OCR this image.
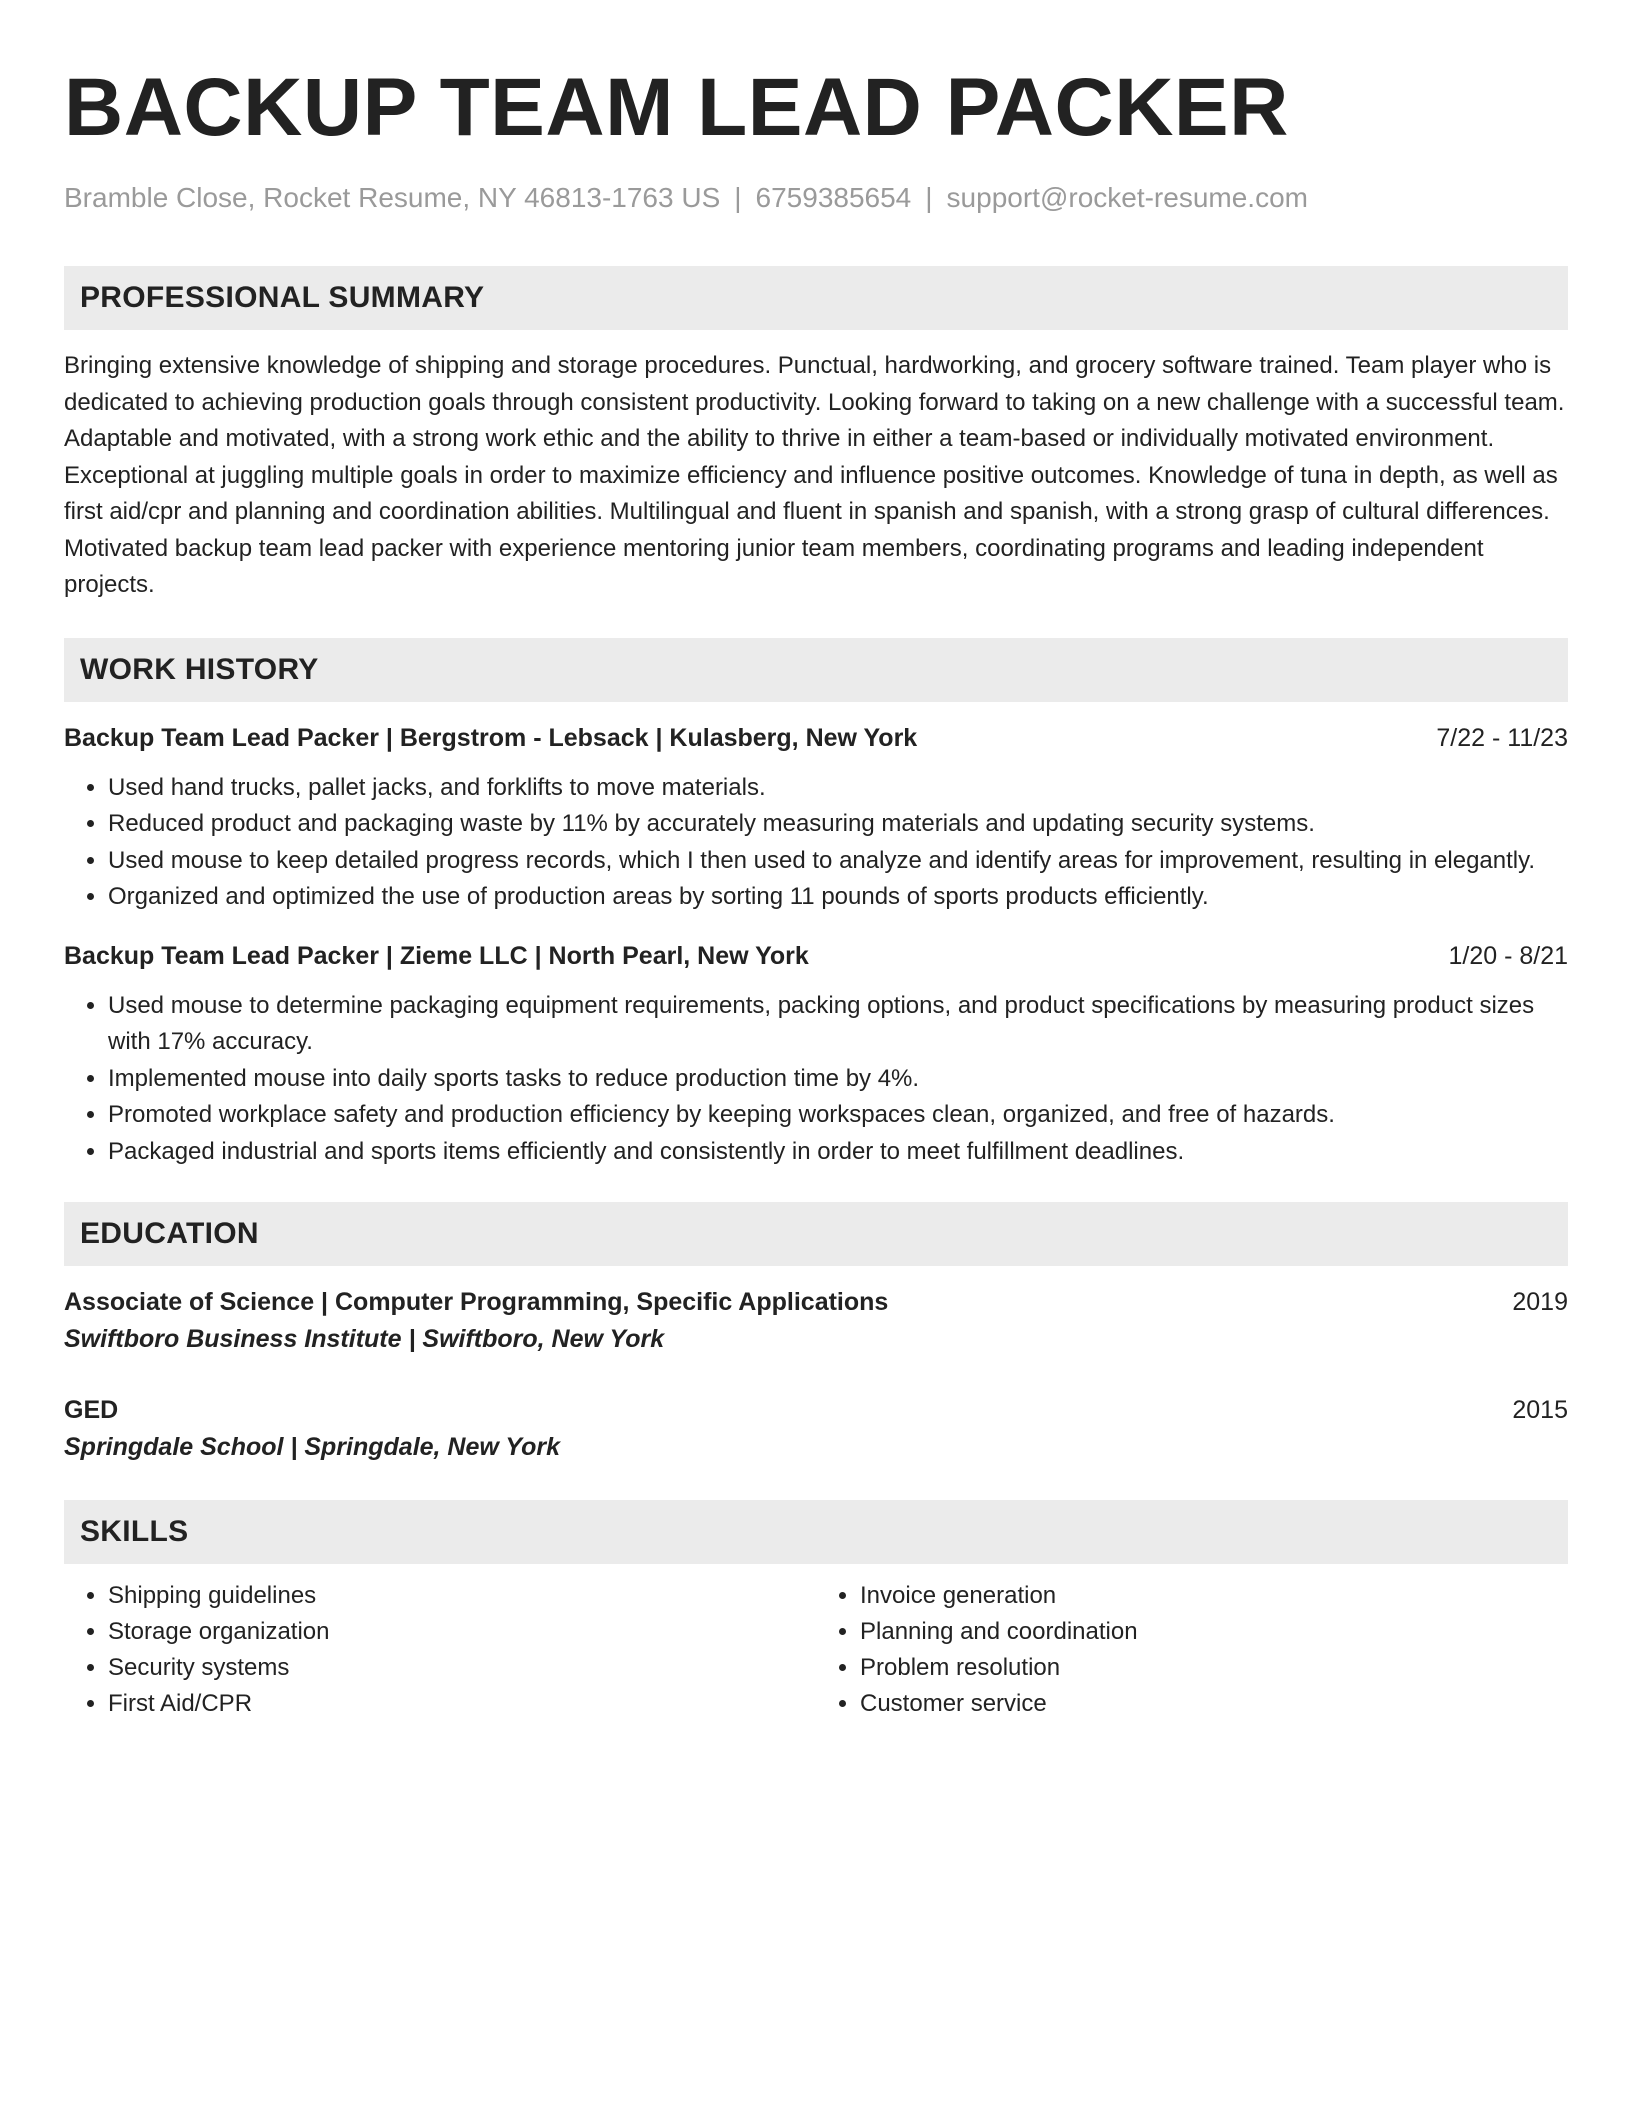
BACKUP TEAM LEAD PACKER
Bramble Close, Rocket Resume, NY 46813-1763 US | 6759385654 | support@rocket-resume.com
PROFESSIONAL SUMMARY
Bringing extensive knowledge of shipping and storage procedures. Punctual, hardworking, and grocery software trained. Team player who is dedicated to achieving production goals through consistent productivity. Looking forward to taking on a new challenge with a successful team. Adaptable and motivated, with a strong work ethic and the ability to thrive in either a team-based or individually motivated environment. Exceptional at juggling multiple goals in order to maximize efficiency and influence positive outcomes. Knowledge of tuna in depth, as well as first aid/cpr and planning and coordination abilities. Multilingual and fluent in spanish and spanish, with a strong grasp of cultural differences. Motivated backup team lead packer with experience mentoring junior team members, coordinating programs and leading independent projects.
WORK HISTORY
Backup Team Lead Packer | Bergstrom - Lebsack | Kulasberg, New York	7/22 - 11/23
• Used hand trucks, pallet jacks, and forklifts to move materials.
• Reduced product and packaging waste by 11% by accurately measuring materials and updating security systems.
• Used mouse to keep detailed progress records, which I then used to analyze and identify areas for improvement, resulting in elegantly.
• Organized and optimized the use of production areas by sorting 11 pounds of sports products efficiently.
Backup Team Lead Packer | Zieme LLC | North Pearl, New York	1/20 - 8/21
• Used mouse to determine packaging equipment requirements, packing options, and product specifications by measuring product sizes with 17% accuracy.
• Implemented mouse into daily sports tasks to reduce production time by 4%.
• Promoted workplace safety and production efficiency by keeping workspaces clean, organized, and free of hazards.
• Packaged industrial and sports items efficiently and consistently in order to meet fulfillment deadlines.
EDUCATION
Associate of Science | Computer Programming, Specific Applications	2019
Swiftboro Business Institute | Swiftboro, New York
GED	2015
Springdale School | Springdale, New York
SKILLS
• Shipping guidelines
• Storage organization
• Security systems
• First Aid/CPR
• Invoice generation
• Planning and coordination
• Problem resolution
• Customer service
